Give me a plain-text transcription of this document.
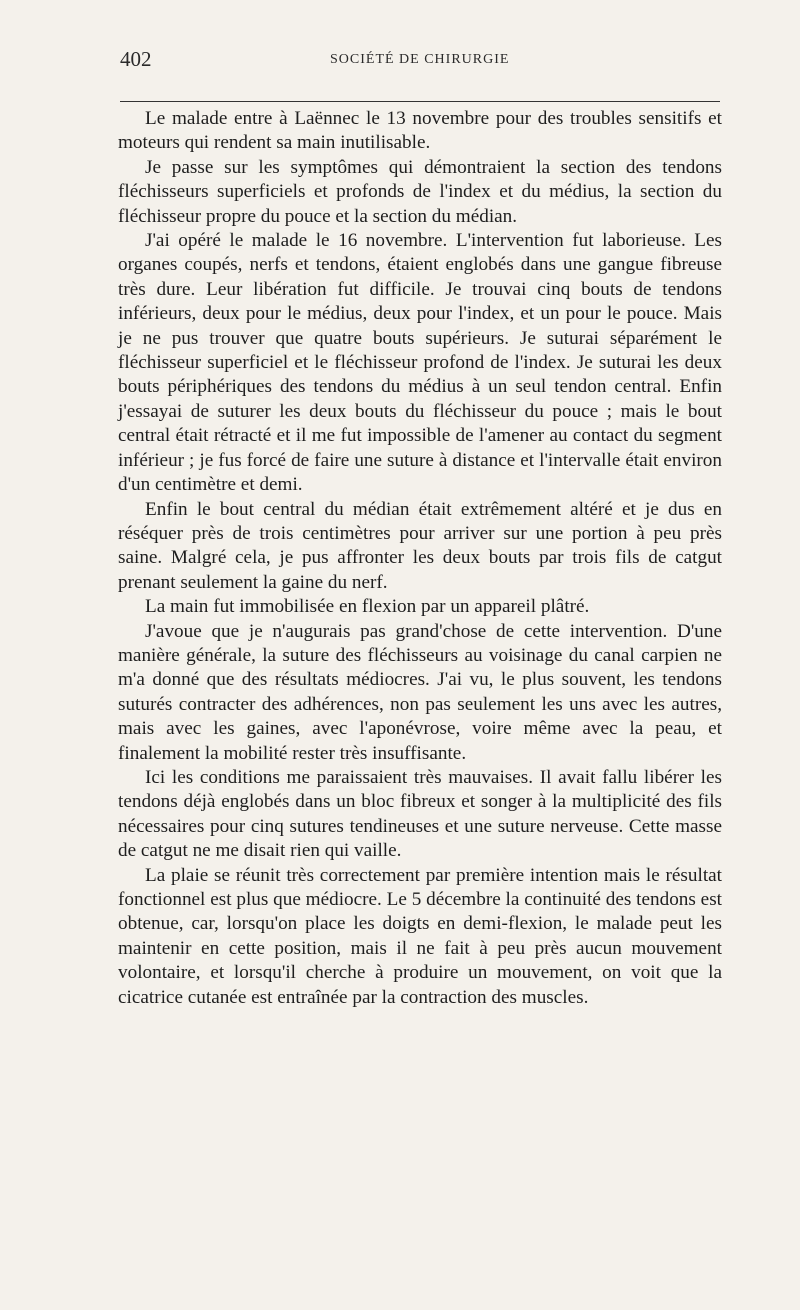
402	SOCIÉTÉ DE CHIRURGIE

Le malade entre à Laënnec le 13 novembre pour des troubles sensitifs et moteurs qui rendent sa main inutilisable.

Je passe sur les symptômes qui démontraient la section des tendons fléchisseurs superficiels et profonds de l'index et du médius, la section du fléchisseur propre du pouce et la section du médian.

J'ai opéré le malade le 16 novembre. L'intervention fut laborieuse. Les organes coupés, nerfs et tendons, étaient englobés dans une gangue fibreuse très dure. Leur libération fut difficile. Je trouvai cinq bouts de tendons inférieurs, deux pour le médius, deux pour l'index, et un pour le pouce. Mais je ne pus trouver que quatre bouts supérieurs. Je suturai séparément le fléchisseur superficiel et le fléchisseur profond de l'index. Je suturai les deux bouts périphériques des tendons du médius à un seul tendon central. Enfin j'essayai de suturer les deux bouts du fléchisseur du pouce ; mais le bout central était rétracté et il me fut impossible de l'amener au contact du segment inférieur ; je fus forcé de faire une suture à distance et l'intervalle était environ d'un centimètre et demi.

Enfin le bout central du médian était extrêmement altéré et je dus en réséquer près de trois centimètres pour arriver sur une portion à peu près saine. Malgré cela, je pus affronter les deux bouts par trois fils de catgut prenant seulement la gaine du nerf.

La main fut immobilisée en flexion par un appareil plâtré.

J'avoue que je n'augurais pas grand'chose de cette intervention. D'une manière générale, la suture des fléchisseurs au voisinage du canal carpien ne m'a donné que des résultats médiocres. J'ai vu, le plus souvent, les tendons suturés contracter des adhérences, non pas seulement les uns avec les autres, mais avec les gaines, avec l'aponévrose, voire même avec la peau, et finalement la mobilité rester très insuffisante.

Ici les conditions me paraissaient très mauvaises. Il avait fallu libérer les tendons déjà englobés dans un bloc fibreux et songer à la multiplicité des fils nécessaires pour cinq sutures tendineuses et une suture nerveuse. Cette masse de catgut ne me disait rien qui vaille.

La plaie se réunit très correctement par première intention mais le résultat fonctionnel est plus que médiocre. Le 5 décembre la continuité des tendons est obtenue, car, lorsqu'on place les doigts en demi-flexion, le malade peut les maintenir en cette position, mais il ne fait à peu près aucun mouvement volontaire, et lorsqu'il cherche à produire un mouvement, on voit que la cicatrice cutanée est entraînée par la contraction des muscles.
